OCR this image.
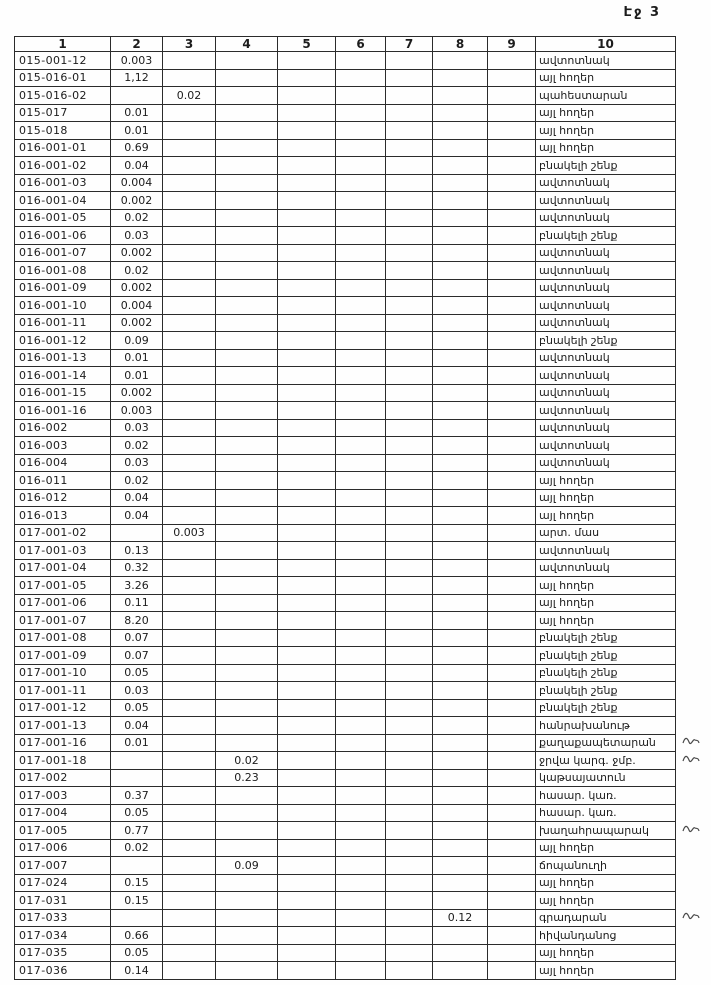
Էջ 3
1	2	3	4	5	6	7	8	9	10	
015-001-12	0.003								ավտոտնակ	
015-016-01	1,12								այլ հողեր	
015-016-02		0.02							պահեստարան	
015-017	0.01								այլ հողեր	
015-018	0.01								այլ հողեր	
016-001-01	0.69								այլ հողեր	
016-001-02	0.04								բնակելի շենք	
016-001-03	0.004								ավտոտնակ	
016-001-04	0.002								ավտոտնակ	
016-001-05	0.02								ավտոտնակ	
016-001-06	0.03								բնակելի շենք	
016-001-07	0.002								ավտոտնակ	
016-001-08	0.02								ավտոտնակ	
016-001-09	0.002								ավտոտնակ	
016-001-10	0.004								ավտոտնակ	
016-001-11	0.002								ավտոտնակ	
016-001-12	0.09								բնակելի շենք	
016-001-13	0.01								ավտոտնակ	
016-001-14	0.01								ավտոտնակ	
016-001-15	0.002								ավտոտնակ	
016-001-16	0.003								ավտոտնակ	
016-002	0.03								ավտոտնակ	
016-003	0.02								ավտոտնակ	
016-004	0.03								ավտոտնակ	
016-011	0.02								այլ հողեր	
016-012	0.04								այլ հողեր	
016-013	0.04								այլ հողեր	
017-001-02		0.003							արտ. մաս	
017-001-03	0.13								ավտոտնակ	
017-001-04	0.32								ավտոտնակ	
017-001-05	3.26								այլ հողեր	
017-001-06	0.11								այլ հողեր	
017-001-07	8.20								այլ հողեր	
017-001-08	0.07								բնակելի շենք	
017-001-09	0.07								բնակելի շենք	
017-001-10	0.05								բնակելի շենք	
017-001-11	0.03								բնակելի շենք	
017-001-12	0.05								բնակելի շենք	
017-001-13	0.04								հանրախանութ	
017-001-16	0.01								քաղաքապետարան	
017-001-18			0.02						ջրվա կարգ. ջմբ.	
017-002			0.23						կաթսայատուն	
017-003	0.37								հասար. կառ.	
017-004	0.05								հասար. կառ.	
017-005	0.77								խաղահրապարակ	
017-006	0.02								այլ հողեր	
017-007			0.09						ճոպանուղի	
017-024	0.15								այլ հողեր	
017-031	0.15								այլ հողեր	
017-033							0.12		գրադարան	
017-034	0.66								հիվանդանոց	
017-035	0.05								այլ հողեր	
017-036	0.14								այլ հողեր	
